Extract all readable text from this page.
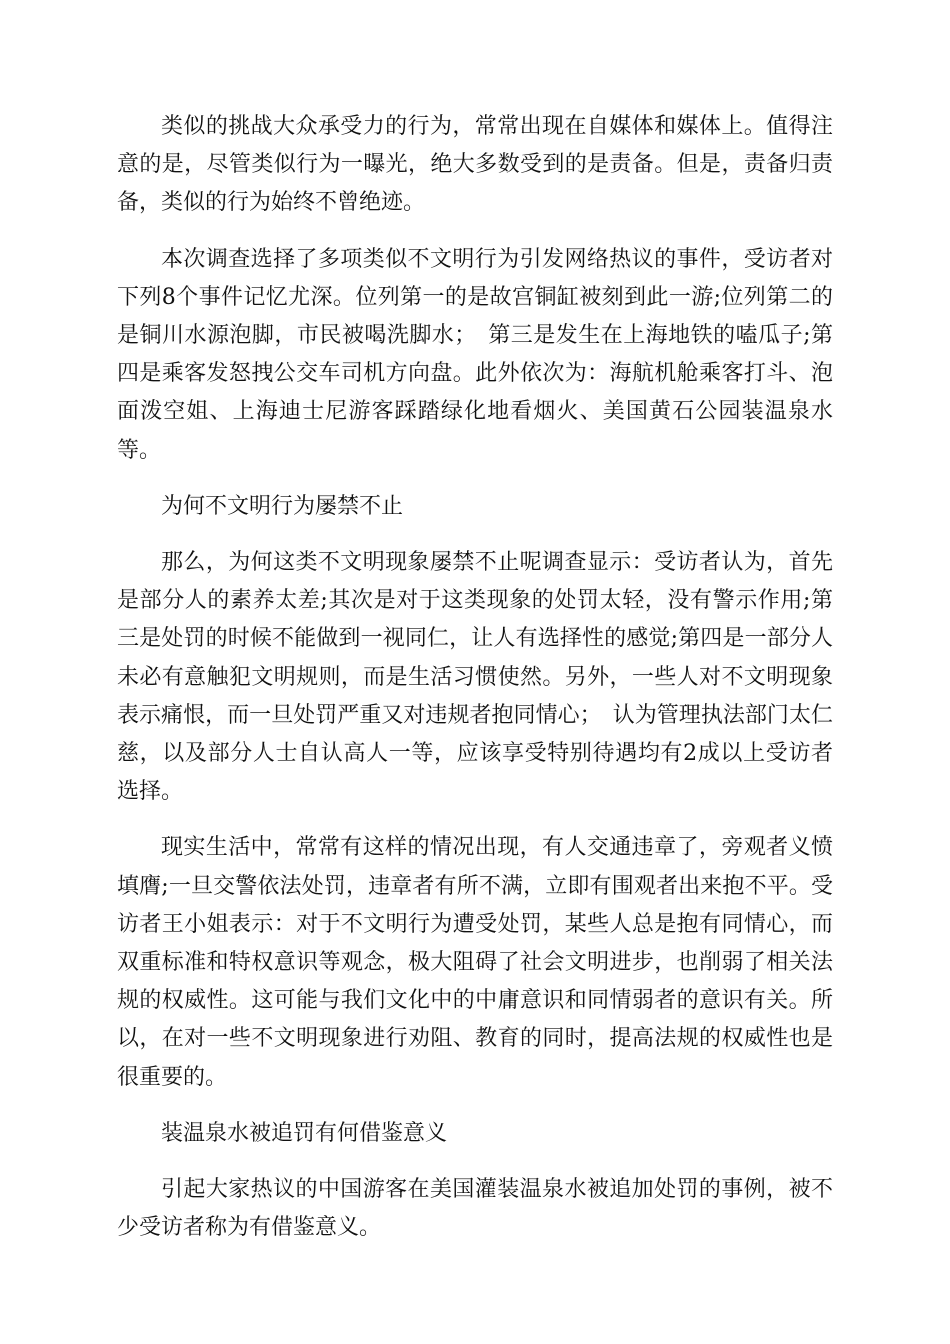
类似的挑战大众承受力的行为，常常出现在自媒体和媒体上。值得注意的是，尽管类似行为一曝光，绝大多数受到的是责备。但是，责备归责备，类似的行为始终不曾绝迹。

本次调查选择了多项类似不文明行为引发网络热议的事件，受访者对下列8个事件记忆尤深。位列第一的是故宫铜缸被刻到此一游;位列第二的是铜川水源泡脚，市民被喝洗脚水；　第三是发生在上海地铁的嗑瓜子;第四是乘客发怒拽公交车司机方向盘。此外依次为：海航机舱乘客打斗、泡面泼空姐、上海迪士尼游客踩踏绿化地看烟火、美国黄石公园装温泉水等。

为何不文明行为屡禁不止

那么，为何这类不文明现象屡禁不止呢调查显示：受访者认为，首先是部分人的素养太差;其次是对于这类现象的处罚太轻，没有警示作用;第三是处罚的时候不能做到一视同仁，让人有选择性的感觉;第四是一部分人未必有意触犯文明规则，而是生活习惯使然。另外，一些人对不文明现象表示痛恨，而一旦处罚严重又对违规者抱同情心；　认为管理执法部门太仁慈，以及部分人士自认高人一等，应该享受特别待遇均有2成以上受访者选择。

现实生活中，常常有这样的情况出现，有人交通违章了，旁观者义愤填膺;一旦交警依法处罚，违章者有所不满，立即有围观者出来抱不平。受访者王小姐表示：对于不文明行为遭受处罚，某些人总是抱有同情心，而双重标准和特权意识等观念，极大阻碍了社会文明进步，也削弱了相关法规的权威性。这可能与我们文化中的中庸意识和同情弱者的意识有关。所以，在对一些不文明现象进行劝阻、教育的同时，提高法规的权威性也是很重要的。

装温泉水被追罚有何借鉴意义

引起大家热议的中国游客在美国灌装温泉水被追加处罚的事例，被不少受访者称为有借鉴意义。
